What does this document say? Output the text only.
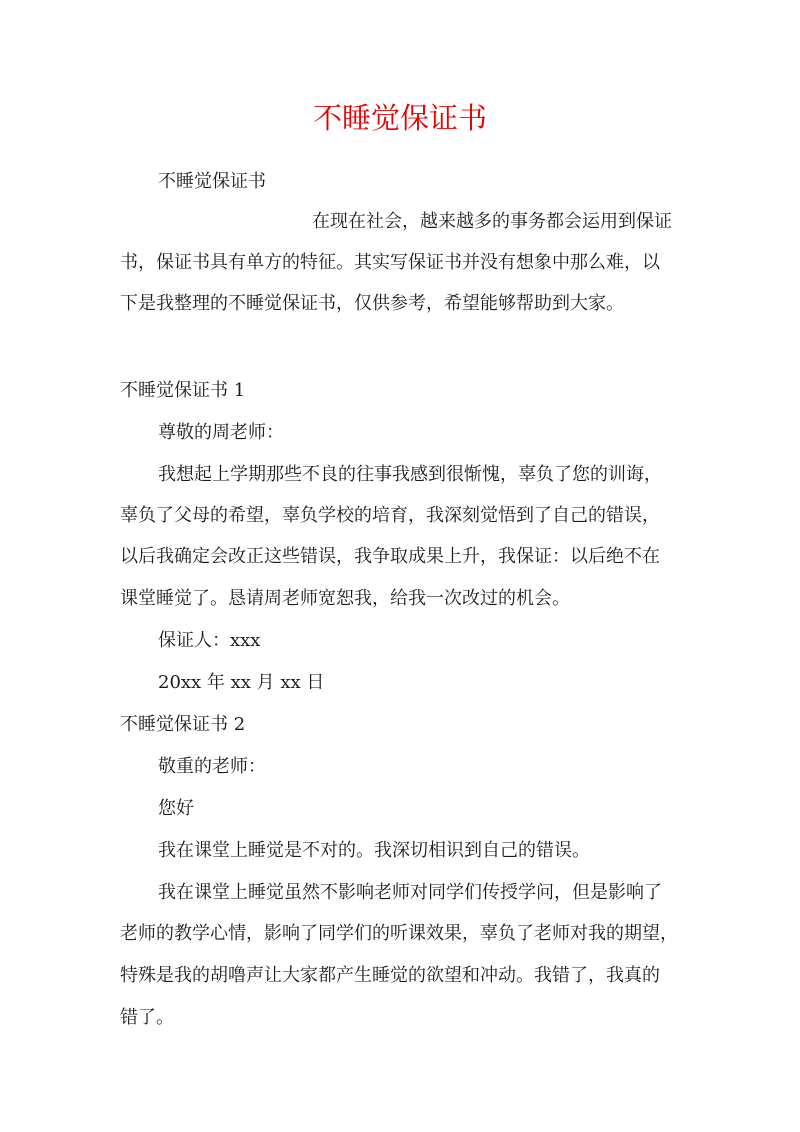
不睡觉保证书

不睡觉保证书

在现在社会，越来越多的事务都会运用到保证

书，保证书具有单方的特征。其实写保证书并没有想象中那么难，以

下是我整理的不睡觉保证书，仅供参考，希望能够帮助到大家。

不睡觉保证书 1

尊敬的周老师：

我想起上学期那些不良的往事我感到很惭愧，辜负了您的训诲，

辜负了父母的希望，辜负学校的培育，我深刻觉悟到了自己的错误，

以后我确定会改正这些错误，我争取成果上升，我保证：以后绝不在

课堂睡觉了。恳请周老师宽恕我，给我一次改过的机会。

保证人：xxx

20xx 年 xx 月 xx 日

不睡觉保证书 2

敬重的老师：

您好

我在课堂上睡觉是不对的。我深切相识到自己的错误。

我在课堂上睡觉虽然不影响老师对同学们传授学问，但是影响了

老师的教学心情，影响了同学们的听课效果，辜负了老师对我的期望，

特殊是我的胡噜声让大家都产生睡觉的欲望和冲动。我错了，我真的

错了。
